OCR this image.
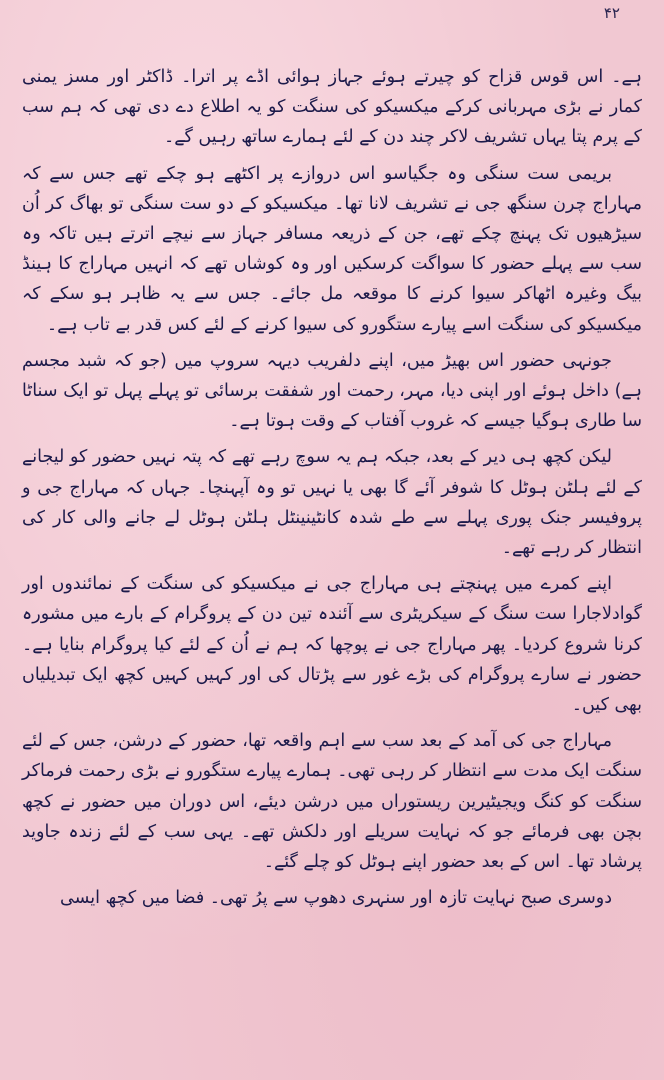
۴۲

ہے۔ اس قوس قزاح کو چیرتے ہوئے جہاز ہوائی اڈے پر اترا۔ ڈاکٹر اور مسز یمنی کمار نے بڑی مہربانی کرکے میکسیکو کی سنگت کو یہ اطلاع دے دی تھی کہ ہم سب کے پرم پتا یہاں تشریف لاکر چند دن کے لئے ہمارے ساتھ رہیں گے۔

بریمی ست سنگی وہ جگیاسو اس دروازے پر اکٹھے ہو چکے تھے جس سے کہ مہاراج چرن سنگھ جی نے تشریف لانا تھا۔ میکسیکو کے دو ست سنگی تو بھاگ کر اُن سیڑھیوں تک پہنچ چکے تھے، جن کے ذریعہ مسافر جہاز سے نیچے اترتے ہیں تاکہ وہ سب سے پہلے حضور کا سواگت کرسکیں اور وہ کوشاں تھے کہ انہیں مہاراج کا ہینڈ بیگ وغیرہ اٹھاکر سیوا کرنے کا موقعہ مل جائے۔ جس سے یہ ظاہر ہو سکے کہ میکسیکو کی سنگت اسے پیارے ستگورو کی سیوا کرنے کے لئے کس قدر بے تاب ہے۔

جونہی حضور اس بھیڑ میں، اپنے دلفریب دیہہ سروپ میں (جو کہ شبد مجسم ہے) داخل ہوئے اور اپنی دیا، مہر، رحمت اور شفقت برسائی تو پہلے پہل تو ایک سناٹا سا طاری ہوگیا جیسے کہ غروب آفتاب کے وقت ہوتا ہے۔

لیکن کچھ ہی دیر کے بعد، جبکہ ہم یہ سوچ رہے تھے کہ پتہ نہیں حضور کو لیجانے کے لئے ہلٹن ہوٹل کا شوفر آئے گا بھی یا نہیں تو وہ آپہنچا۔ جہاں کہ مہاراج جی و پروفیسر جنک پوری پہلے سے طے شدہ کانٹینینٹل ہلٹن ہوٹل لے جانے والی کار کی انتظار کر رہے تھے۔

اپنے کمرے میں پہنچتے ہی مہاراج جی نے میکسیکو کی سنگت کے نمائندوں اور گوادلاجارا ست سنگ کے سیکریٹری سے آئندہ تین دن کے پروگرام کے بارے میں مشورہ کرنا شروع کردیا۔ پھر مہاراج جی نے پوچھا کہ ہم نے اُن کے لئے کیا پروگرام بنایا ہے۔ حضور نے سارے پروگرام کی بڑے غور سے پڑتال کی اور کہیں کہیں کچھ ایک تبدیلیاں بھی کیں۔

مہاراج جی کی آمد کے بعد سب سے اہم واقعہ تھا، حضور کے درشن، جس کے لئے سنگت ایک مدت سے انتظار کر رہی تھی۔ ہمارے پیارے ستگورو نے بڑی رحمت فرماکر سنگت کو کنگ ویجیٹیرین ریستوراں میں درشن دیئے، اس دوران میں حضور نے کچھ بچن بھی فرمائے جو کہ نہایت سریلے اور دلکش تھے۔ یہی سب کے لئے زندہ جاوید پرشاد تھا۔ اس کے بعد حضور اپنے ہوٹل کو چلے گئے۔

دوسری صبح نہایت تازہ اور سنہری دھوپ سے پرُ تھی۔ فضا میں کچھ ایسی
